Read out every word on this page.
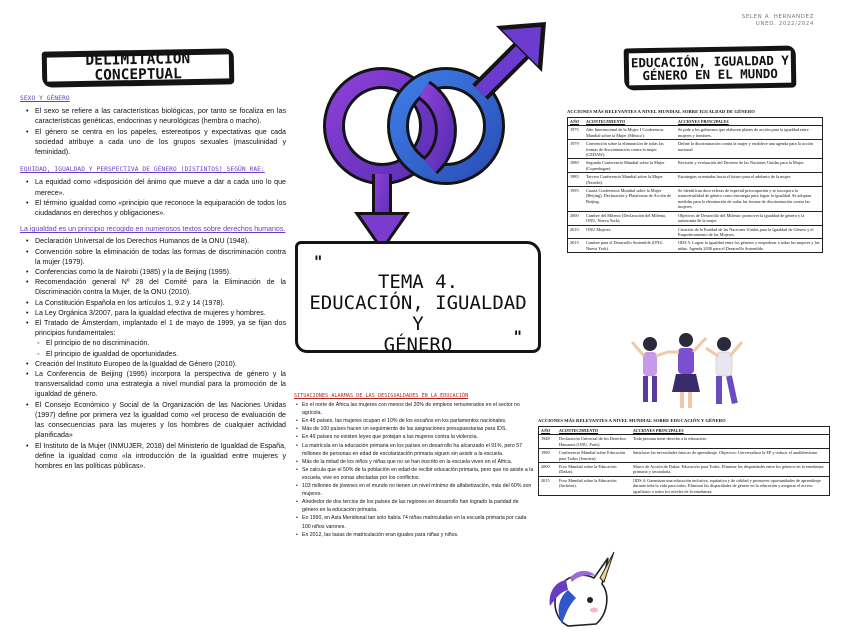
SELEN A. HERNANDEZ
UNED. 2022/2024
DELIMITACIÓN CONCEPTUAL
EDUCACIÓN, IGUALDAD Y
GÉNERO EN EL MUNDO
"
TEMA 4.
EDUCACIÓN, IGUALDAD Y
GÉNERO	"
SEXO Y GÉNERO
• El sexo se refiere a las características biológicas, por tanto se focaliza en las características genéticas, endocrinas y neurológicas (hembra o macho).
• El género se centra en los papeles, estereotipos y expectativas que cada sociedad atribuye a cada uno de los grupos sexuales (masculinidad y feminidad).
EQUIDAD, IGUALDAD Y PERSPECTIVA DE GÉNERO (DISTINTOS) SEGÚN RAE:
• La equidad como «disposición del ánimo que mueve a dar a cada uno lo que merece».
• El término igualdad como «principio que reconoce la equiparación de todos los ciudadanos en derechos y obligaciones».
La igualdad es un principio recogido en numerosos textos sobre derechos humanos.
• Declaración Universal de los Derechos Humanos de la ONU (1948).
• Convención sobre la eliminación de todas las formas de discriminación contra la mujer (1979).
• Conferencias como la de Nairobi (1985) y la de Beijing (1995).
• Recomendación general Nº 28 del Comité para la Eliminación de la Discriminación contra la Mujer, de la ONU (2010).
• La Constitución Española en los artículos 1, 9.2 y 14 (1978).
• La Ley Orgánica 3/2007, para la igualdad efectiva de mujeres y hombres.
• El Tratado de Ámsterdam, implantado el 1 de mayo de 1999, ya se fijan dos principios fundamentales:
◦ El principio de no discriminación.
◦ El principio de igualdad de oportunidades.
• Creación del Instituto Europeo de la Igualdad de Género (2010).
• La Conferencia de Beijing (1995) incorpora la perspectiva de género y la transversalidad como una estrategia a nivel mundial para la promoción de la igualdad de género.
• El Consejo Económico y Social de la Organización de las Naciones Unidas (1997) define por primera vez la igualdad como «el proceso de evaluación de las consecuencias para las mujeres y los hombres de cualquier actividad planificada»
• El Instituto de la Mujer (INMUJER, 2018) del Ministerio de Igualdad de España, define la igualdad como «la introducción de la igualdad entre mujeres y hombres en las políticas públicas».
SITUACIONES ALARMAS DE LAS DESIGUALDADES EN LA EDUCACIÓN
• En el norte de África las mujeres con menos del 20% de empleos remunerados en el sector no agrícola.
• En 45 países, las mujeres ocupan el 10% de los escaños en los parlamentos nacionales.
• Más de 100 países hacen un seguimiento de las asignaciones presupuestarias para IDS.
• En 49 países no existen leyes que protejan a las mujeres contra la violencia.
• La matrícula en la educación primaria en los países en desarrollo ha alcanzado el 91%, pero 57 millones de personas en edad de escolarización primaria siguen sin asistir a la escuela.
• Más de la mitad de los niños y niñas que no se han inscrito en la escuela viven en el África.
• Se calcula que el 50% de la población en edad de recibir educación primaria, pero que no asiste a la escuela, vive en zonas afectadas por los conflictos.
• 103 millones de jóvenes en el mundo no tienen un nivel mínimo de alfabetización, más del 60% son mujeres.
• Alrededor de dos tercios de los países de las regiones en desarrollo han logrado la paridad de género en la educación primaria.
• En 1990, en Asia Meridional tan solo había 74 niñas matriculadas en la escuela primaria por cada 100 niños varones.
• En 2012, las tasas de matriculación eran iguales para niñas y niños.
ACCIONES MÁS RELEVANTES A NIVEL MUNDIAL SOBRE IGUALDAD DE GÉNERO
AÑO	ACONTECIMIENTO	ACCIONES PRINCIPALES
1975	Año Internacional de la Mujer. I Conferencia Mundial sobre la Mujer (México).	Se pide a los gobiernos que elaboren planes de acción para la igualdad entre mujeres y hombres.
1979	Convención sobre la eliminación de todas las formas de discriminación contra la mujer (CEDAW).	Define la discriminación contra la mujer y establece una agenda para la acción nacional.
1980	Segunda Conferencia Mundial sobre la Mujer (Copenhague).	Revisión y evaluación del Decenio de las Naciones Unidas para la Mujer.
1985	Tercera Conferencia Mundial sobre la Mujer (Nairobi).	Estrategias orientadas hacia el futuro para el adelanto de la mujer.
1995	Cuarta Conferencia Mundial sobre la Mujer (Beijing). Declaración y Plataforma de Acción de Beijing.	Se identifican doce esferas de especial preocupación y se incorpora la transversalidad de género como estrategia para lograr la igualdad. Se adoptan medidas para la eliminación de todas las formas de discriminación contra las mujeres.
2000	Cumbre del Milenio (Declaración del Milenio, ONU, Nueva York).	Objetivos de Desarrollo del Milenio: promover la igualdad de género y la autonomía de la mujer.
2010	ONU Mujeres.	Creación de la Entidad de las Naciones Unidas para la Igualdad de Género y el Empoderamiento de las Mujeres.
2015	Cumbre para el Desarrollo Sostenible (ONU, Nueva York).	ODS 5: Lograr la igualdad entre los géneros y empoderar a todas las mujeres y las niñas. Agenda 2030 para el Desarrollo Sostenible.
ACCIONES MÁS RELEVANTES A NIVEL MUNDIAL SOBRE EDUCACIÓN Y GÉNERO
AÑO	ACONTECIMIENTO	ACCIONES PRINCIPALES
1948	Declaración Universal de los Derechos Humanos (ONU, París).	Toda persona tiene derecho a la educación.
1990	Conferencia Mundial sobre Educación para Todos (Jomtien).	Satisfacer las necesidades básicas de aprendizaje. Objetivos: Universalizar la EP y reducir el analfabetismo.
2000	Foro Mundial sobre la Educación (Dakar).	Marco de Acción de Dakar: Educación para Todos. Eliminar las disparidades entre los géneros en la enseñanza primaria y secundaria.
2015	Foro Mundial sobre la Educación (Incheon).	ODS 4: Garantizar una educación inclusiva, equitativa y de calidad y promover oportunidades de aprendizaje durante toda la vida para todos. Eliminar las disparidades de género en la educación y asegurar el acceso igualitario a todos los niveles de la enseñanza.
